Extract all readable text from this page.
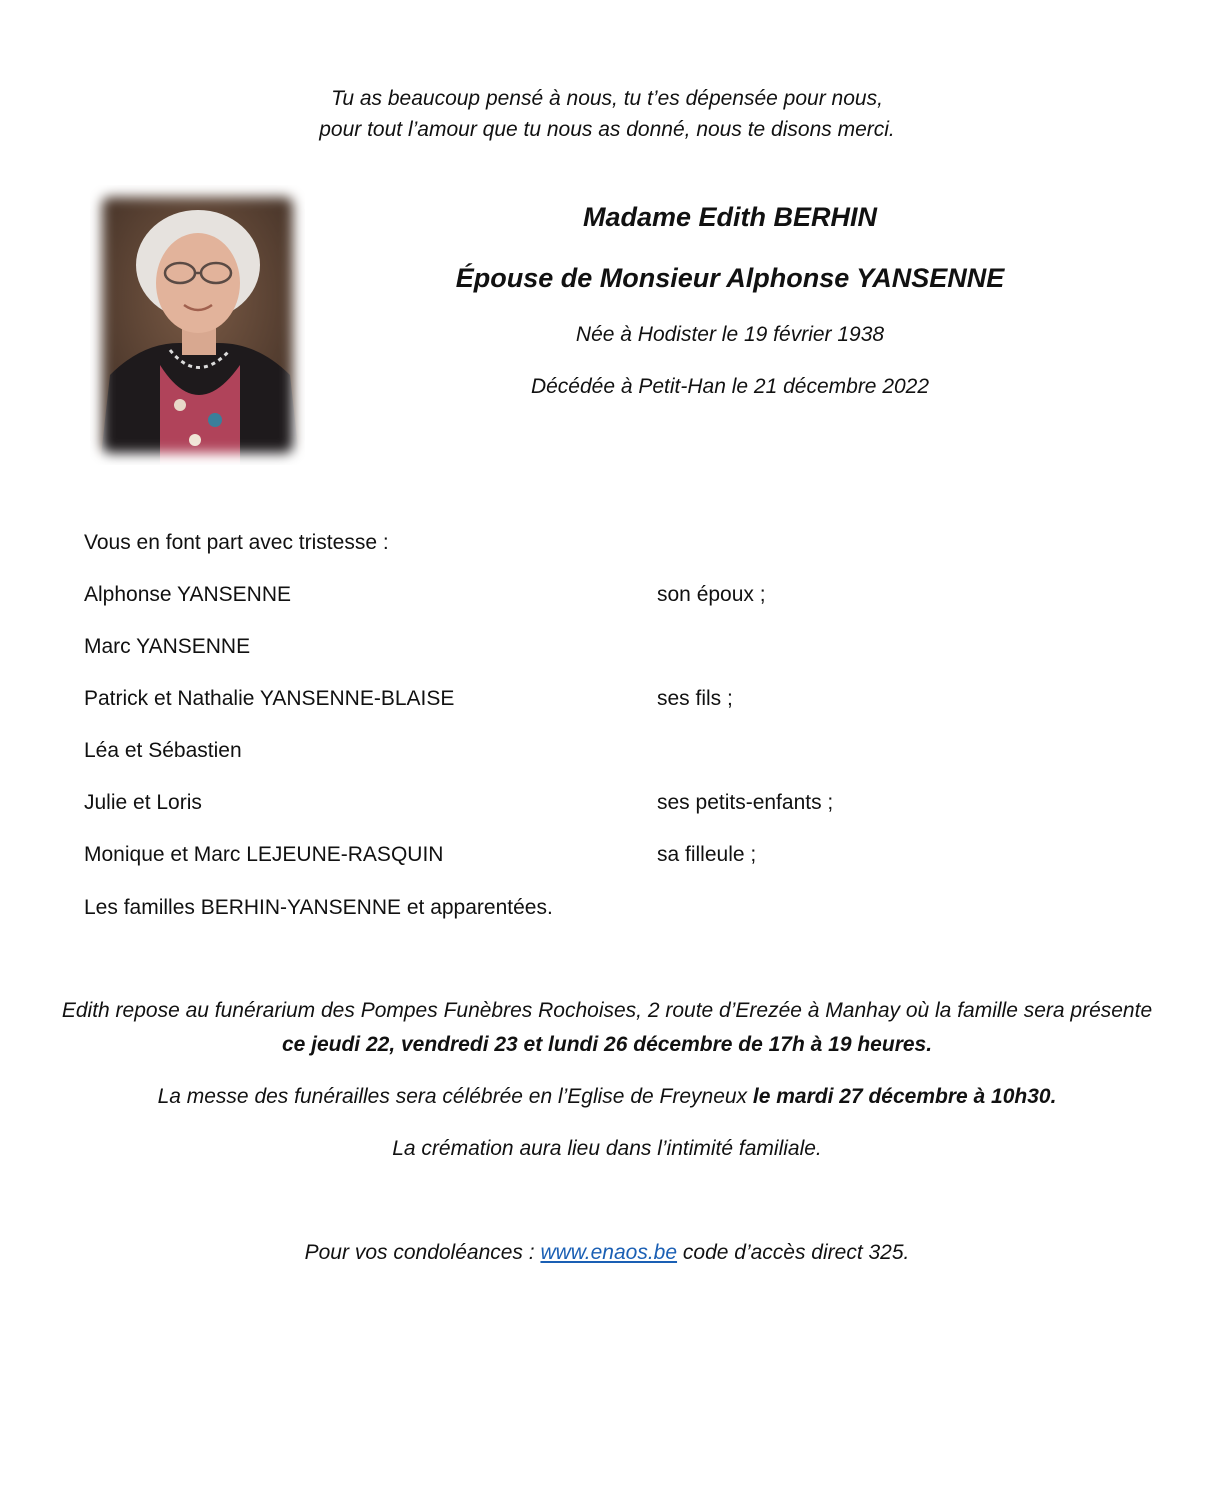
Tu as beaucoup pensé à nous, tu t’es dépensée pour nous,
pour tout l’amour que tu nous as donné, nous te disons merci.
Madame Edith BERHIN
Épouse de Monsieur Alphonse YANSENNE
Née à Hodister le 19 février 1938
Décédée à Petit-Han le 21 décembre 2022
Vous en font part avec tristesse :
Alphonse YANSENNE	son époux ;
Marc YANSENNE
Patrick et Nathalie YANSENNE-BLAISE	ses fils ;
Léa et Sébastien
Julie et Loris	ses petits-enfants ;
Monique et Marc LEJEUNE-RASQUIN	sa filleule ;
Les familles BERHIN-YANSENNE et apparentées.
Edith repose au funérarium des Pompes Funèbres Rochoises, 2 route d’Erezée à Manhay où la famille sera présente ce jeudi 22, vendredi 23 et lundi 26 décembre de 17h à 19 heures.
La messe des funérailles sera célébrée en l’Eglise de Freyneux le mardi 27 décembre à 10h30.
La crémation aura lieu dans l’intimité familiale.
Pour vos condoléances : www.enaos.be code d’accès direct 325.
